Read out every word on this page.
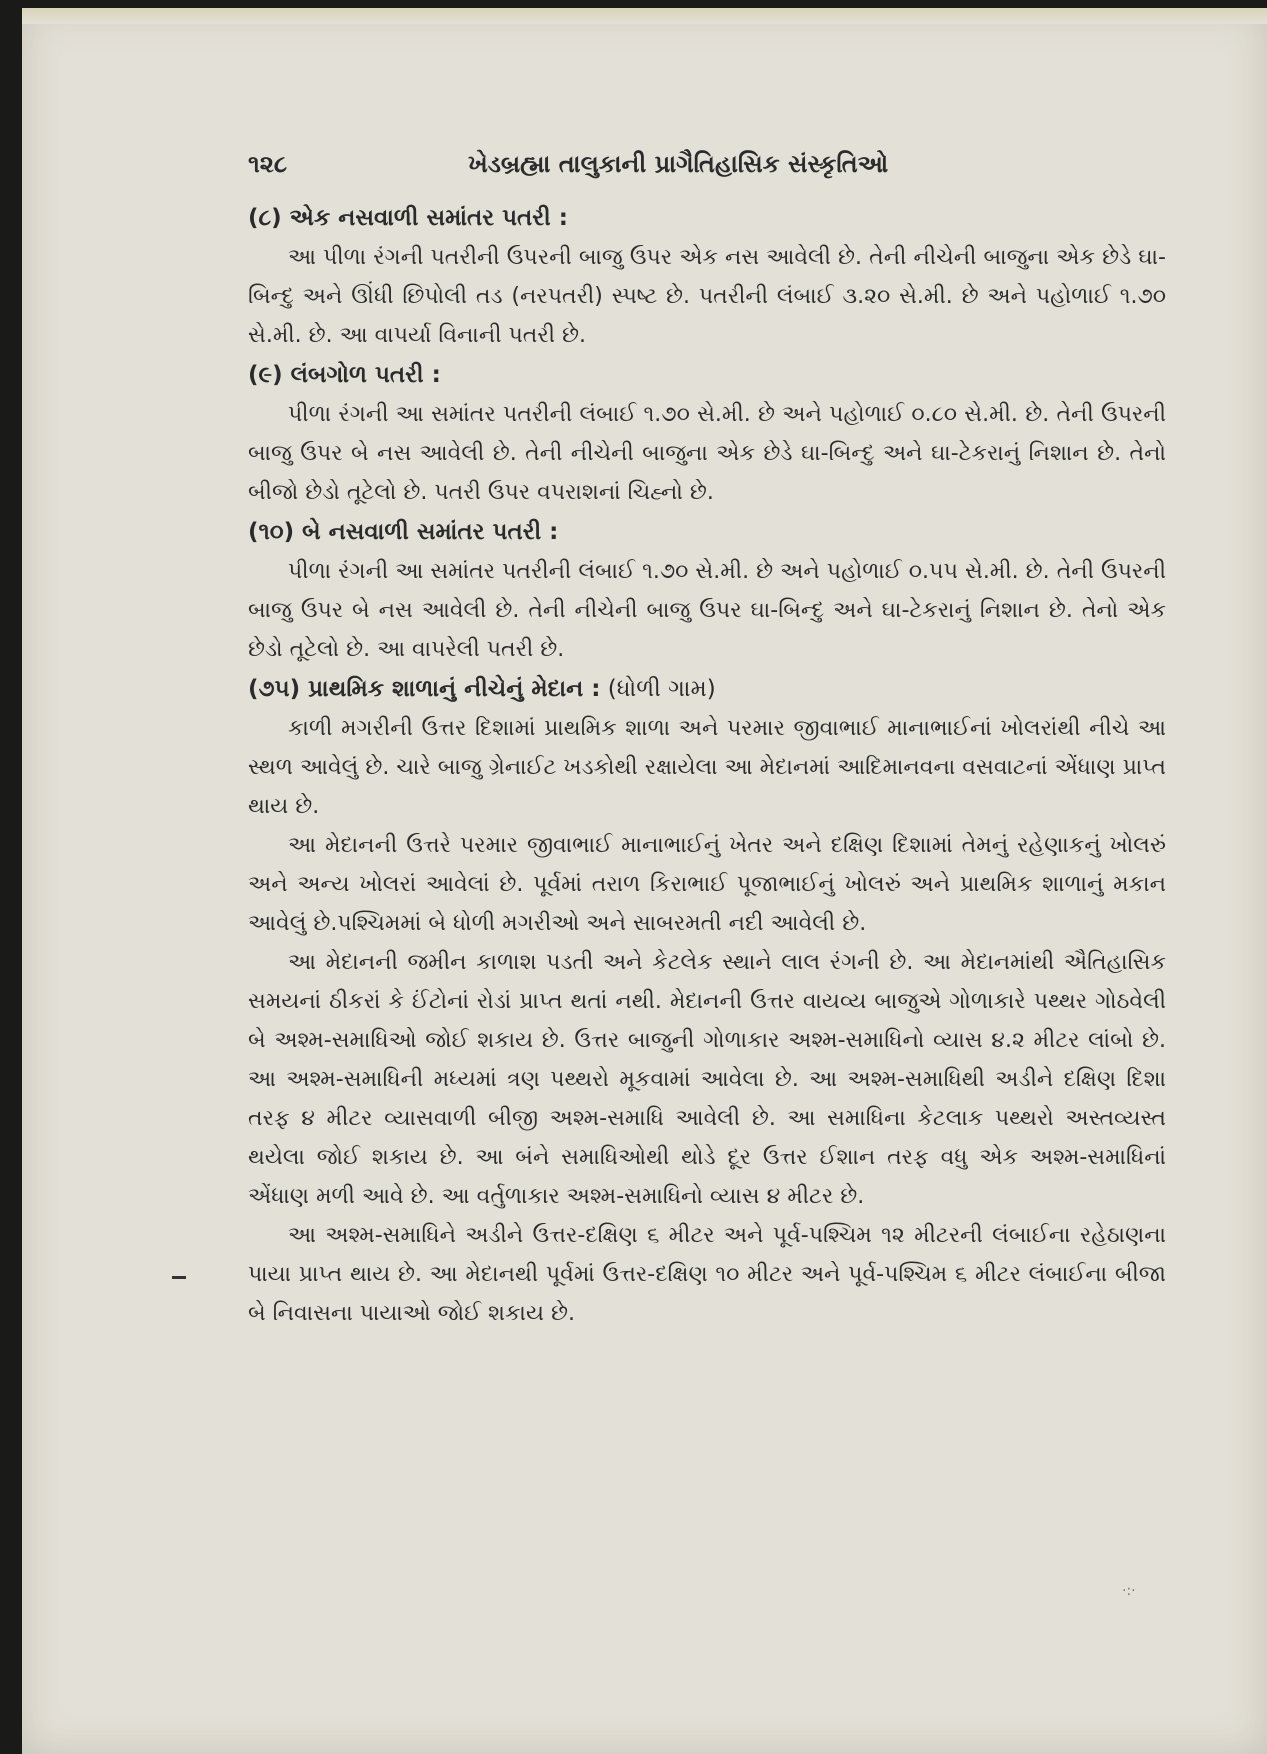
·:·
૧૨૮	ખેડબ્રહ્મા તાલુકાની પ્રાગૈતિહાસિક સંસ્કૃતિઓ
(૮) એક નસવાળી સમાંતર પતરી :

આ પીળા રંગની પતરીની ઉપરની બાજુ ઉપર એક નસ આવેલી છે. તેની નીચેની બાજુના એક છેડે ઘા-બિન્દુ અને ઊંધી છિપોલી તડ (નરપતરી) સ્પષ્ટ છે. પતરીની લંબાઈ ૩.૨૦ સે.મી. છે અને પહોળાઈ ૧.૭૦ સે.મી. છે. આ વાપર્યા વિનાની પતરી છે.

(૯) લંબગોળ પતરી :

પીળા રંગની આ સમાંતર પતરીની લંબાઈ ૧.૭૦ સે.મી. છે અને પહોળાઈ ૦.૮૦ સે.મી. છે. તેની ઉપરની બાજુ ઉપર બે નસ આવેલી છે. તેની નીચેની બાજુના એક છેડે ઘા-બિન્દુ અને ઘા-ટેકરાનું નિશાન છે. તેનો બીજો છેડો તૂટેલો છે. પતરી ઉપર વપરાશનાં ચિહ્નો છે.

(૧૦) બે નસવાળી સમાંતર પતરી :

પીળા રંગની આ સમાંતર પતરીની લંબાઈ ૧.૭૦ સે.મી. છે અને પહોળાઈ ૦.૫૫ સે.મી. છે. તેની ઉપરની બાજુ ઉપર બે નસ આવેલી છે. તેની નીચેની બાજુ ઉપર ઘા-બિન્દુ અને ઘા-ટેકરાનું નિશાન છે. તેનો એક છેડો તૂટેલો છે. આ વાપરેલી પતરી છે.

(૭૫) પ્રાથમિક શાળાનું નીચેનું મેદાન : (ધોળી ગામ)

કાળી મગરીની ઉત્તર દિશામાં પ્રાથમિક શાળા અને પરમાર જીવાભાઈ માનાભાઈનાં ખોલરાંથી નીચે આ સ્થળ આવેલું છે. ચારે બાજુ ગ્રેનાઈટ ખડકોથી રક્ષાયેલા આ મેદાનમાં આદિમાનવના વસવાટનાં એંધાણ પ્રાપ્ત થાય છે.

આ મેદાનની ઉત્તરે પરમાર જીવાભાઈ માનાભાઈનું ખેતર અને દક્ષિણ દિશામાં તેમનું રહેણાકનું ખોલરું અને અન્ય ખોલરાં આવેલાં છે. પૂર્વમાં તરાળ કિરાભાઈ પૂજાભાઈનું ખોલરું અને પ્રાથમિક શાળાનું મકાન આવેલું છે.પશ્ચિમમાં બે ધોળી મગરીઓ અને સાબરમતી નદી આવેલી છે.

આ મેદાનની જમીન કાળાશ પડતી અને કેટલેક સ્થાને લાલ રંગની છે. આ મેદાનમાંથી ઐતિહાસિક સમયનાં ઠીકરાં કે ઈંટોનાં રોડાં પ્રાપ્ત થતાં નથી. મેદાનની ઉત્તર વાયવ્ય બાજુએ ગોળાકારે પથ્થર ગોઠવેલી બે અશ્મ-સમાધિઓ જોઈ શકાય છે. ઉત્તર બાજુની ગોળાકાર અશ્મ-સમાધિનો વ્યાસ ૪.૨ મીટર લાંબો છે. આ અશ્મ-સમાધિની મધ્યમાં ત્રણ પથ્થરો મૂકવામાં આવેલા છે. આ અશ્મ-સમાધિથી અડીને દક્ષિણ દિશા તરફ ૪ મીટર વ્યાસવાળી બીજી અશ્મ-સમાધિ આવેલી છે. આ સમાધિના કેટલાક પથ્થરો અસ્તવ્યસ્ત થયેલા જોઈ શકાય છે. આ બંને સમાધિઓથી થોડે દૂર ઉત્તર ઈશાન તરફ વધુ એક અશ્મ-સમાધિનાં એંધાણ મળી આવે છે. આ વર્તુળાકાર અશ્મ-સમાધિનો વ્યાસ ૪ મીટર છે.

આ અશ્મ-સમાધિને અડીને ઉત્તર-દક્ષિણ ૬ મીટર અને પૂર્વ-પશ્ચિમ ૧૨ મીટરની લંબાઈના રહેઠાણના પાયા પ્રાપ્ત થાય છે. આ મેદાનથી પૂર્વમાં ઉત્તર-દક્ષિણ ૧૦ મીટર અને પૂર્વ-પશ્ચિમ ૬ મીટર લંબાઈના બીજા બે નિવાસના પાયાઓ જોઈ શકાય છે.
